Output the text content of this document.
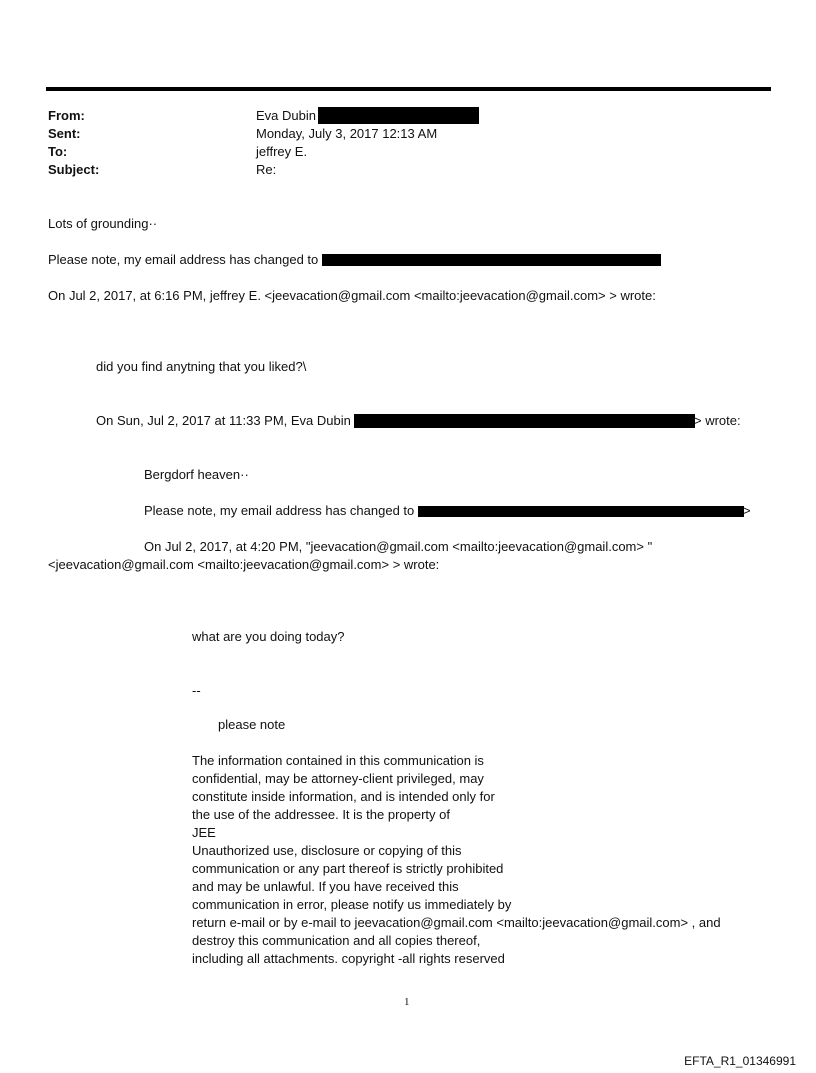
From:	Eva Dubin
Sent:	Monday, July 3, 2017 12:13 AM
To:	jeffrey E.
Subject:	Re:
Lots of grounding··
Please note, my email address has changed to
On Jul 2, 2017, at 6:16 PM, jeffrey E. <jeevacation@gmail.com <mailto:jeevacation@gmail.com> > wrote:
did you find anytning that you liked?\
On Sun, Jul 2, 2017 at 11:33 PM, Eva Dubin	> wrote:
Bergdorf heaven··
Please note, my email address has changed to	>
On Jul 2, 2017, at 4:20 PM, "jeevacation@gmail.com <mailto:jeevacation@gmail.com> "
<jeevacation@gmail.com <mailto:jeevacation@gmail.com> > wrote:
what are you doing today?
--
please note
The information contained in this communication is
confidential, may be attorney-client privileged, may
constitute inside information, and is intended only for
the use of the addressee. It is the property of
JEE
Unauthorized use, disclosure or copying of this
communication or any part thereof is strictly prohibited
and may be unlawful. If you have received this
communication in error, please notify us immediately by
return e-mail or by e-mail to jeevacation@gmail.com <mailto:jeevacation@gmail.com> , and
destroy this communication and all copies thereof,
including all attachments. copyright -all rights reserved
1
EFTA_R1_01346991
